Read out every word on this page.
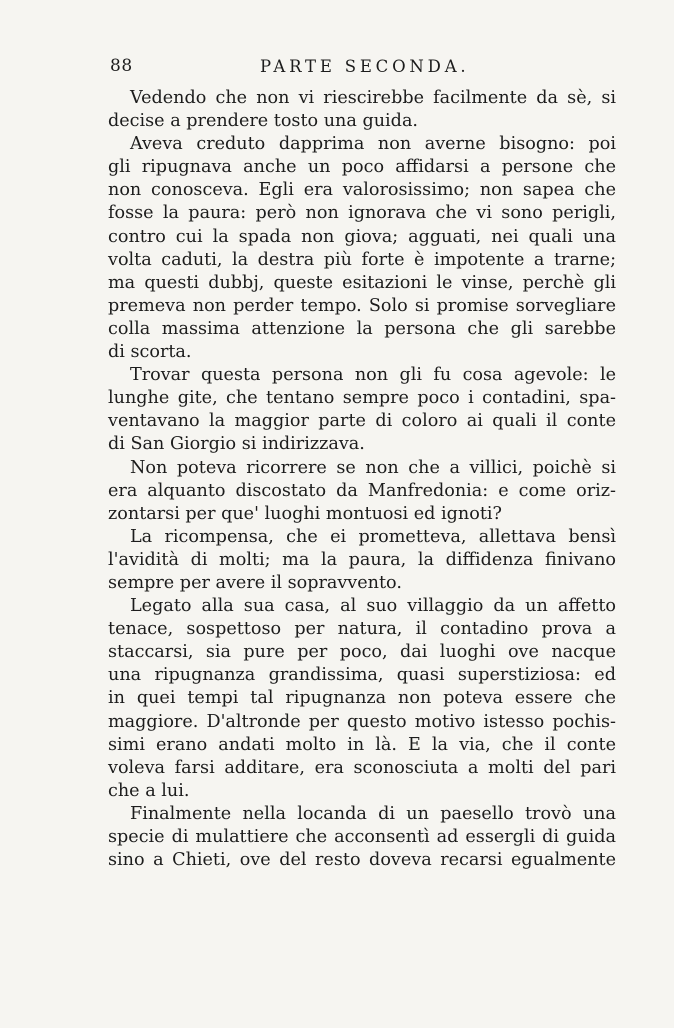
88	PARTE SECONDA.
Vedendo che non vi riescirebbe facilmente da sè, si
decise a prendere tosto una guida.
Aveva creduto dapprima non averne bisogno: poi
gli ripugnava anche un poco affidarsi a persone che
non conosceva. Egli era valorosissimo; non sapea che
fosse la paura: però non ignorava che vi sono perigli,
contro cui la spada non giova; agguati, nei quali una
volta caduti, la destra più forte è impotente a trarne;
ma questi dubbj, queste esitazioni le vinse, perchè gli
premeva non perder tempo. Solo si promise sorvegliare
colla massima attenzione la persona che gli sarebbe
di scorta.
Trovar questa persona non gli fu cosa agevole: le
lunghe gite, che tentano sempre poco i contadini, spa-
ventavano la maggior parte di coloro ai quali il conte
di San Giorgio si indirizzava.
Non poteva ricorrere se non che a villici, poichè si
era alquanto discostato da Manfredonia: e come oriz-
zontarsi per que' luoghi montuosi ed ignoti?
La ricompensa, che ei prometteva, allettava bensì
l'avidità di molti; ma la paura, la diffidenza finivano
sempre per avere il sopravvento.
Legato alla sua casa, al suo villaggio da un affetto
tenace, sospettoso per natura, il contadino prova a
staccarsi, sia pure per poco, dai luoghi ove nacque
una ripugnanza grandissima, quasi superstiziosa: ed
in quei tempi tal ripugnanza non poteva essere che
maggiore. D'altronde per questo motivo istesso pochis-
simi erano andati molto in là. E la via, che il conte
voleva farsi additare, era sconosciuta a molti del pari
che a lui.
Finalmente nella locanda di un paesello trovò una
specie di mulattiere che acconsentì ad essergli di guida
sino a Chieti, ove del resto doveva recarsi egualmente
